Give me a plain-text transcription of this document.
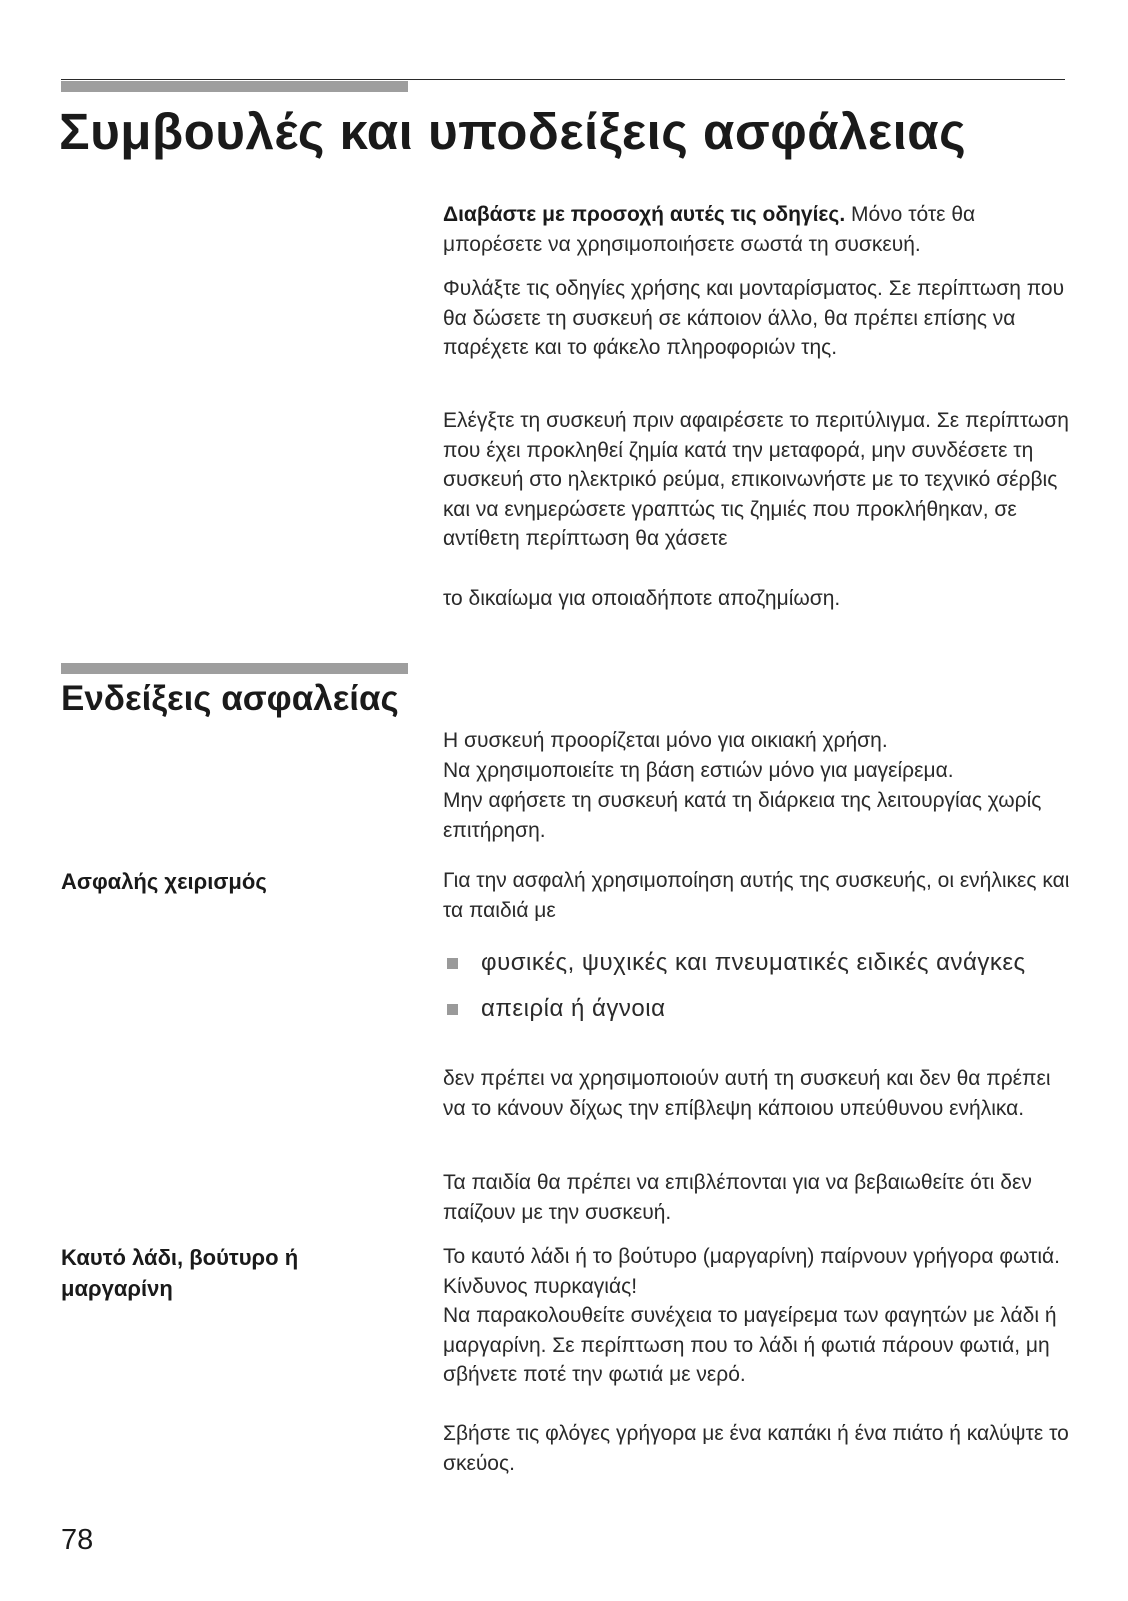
Συμβουλές και υποδείξεις ασφάλειας

Διαβάστε με προσοχή αυτές τις οδηγίες. Μόνο τότε θα μπορέσετε να χρησιμοποιήσετε σωστά τη συσκευή.

Φυλάξτε τις οδηγίες χρήσης και μονταρίσματος. Σε περίπτωση που θα δώσετε τη συσκευή σε κάποιον άλλο, θα πρέπει επίσης να παρέχετε και το φάκελο πληροφοριών της.

Ελέγξτε τη συσκευή πριν αφαιρέσετε το περιτύλιγμα. Σε περίπτωση που έχει προκληθεί ζημία κατά την μεταφορά, μην συνδέσετε τη συσκευή στο ηλεκτρικό ρεύμα, επικοινωνήστε με το τεχνικό σέρβις και να ενημερώσετε γραπτώς τις ζημιές που προκλήθηκαν, σε αντίθετη περίπτωση θα χάσετε

το δικαίωμα για οποιαδήποτε αποζημίωση.

Ενδείξεις ασφαλείας

Η συσκευή προορίζεται μόνο για οικιακή χρήση.

Να χρησιμοποιείτε τη βάση εστιών μόνο για μαγείρεμα.

Μην αφήσετε τη συσκευή κατά τη διάρκεια της λειτουργίας χωρίς επιτήρηση.

Ασφαλής χειρισμός	Για την ασφαλή χρησιμοποίηση αυτής της συσκευής, οι ενήλικες και τα παιδιά με

φυσικές, ψυχικές και πνευματικές ειδικές ανάγκες
απειρία ή άγνοια

δεν πρέπει να χρησιμοποιούν αυτή τη συσκευή και δεν θα πρέπει να το κάνουν δίχως την επίβλεψη κάποιου υπεύθυνου ενήλικα.

Τα παιδία θα πρέπει να επιβλέπονται για να βεβαιωθείτε ότι δεν παίζουν με την συσκευή.

Καυτό λάδι, βούτυρο ή μαργαρίνη

Το καυτό λάδι ή το βούτυρο (μαργαρίνη) παίρνουν γρήγορα φωτιά. Κίνδυνος πυρκαγιάς!

Να παρακολουθείτε συνέχεια το μαγείρεμα των φαγητών με λάδι ή μαργαρίνη. Σε περίπτωση που το λάδι ή φωτιά πάρουν φωτιά, μη σβήνετε ποτέ την φωτιά με νερό.

Σβήστε τις φλόγες γρήγορα με ένα καπάκι ή ένα πιάτο ή καλύψτε το σκεύος.

78
